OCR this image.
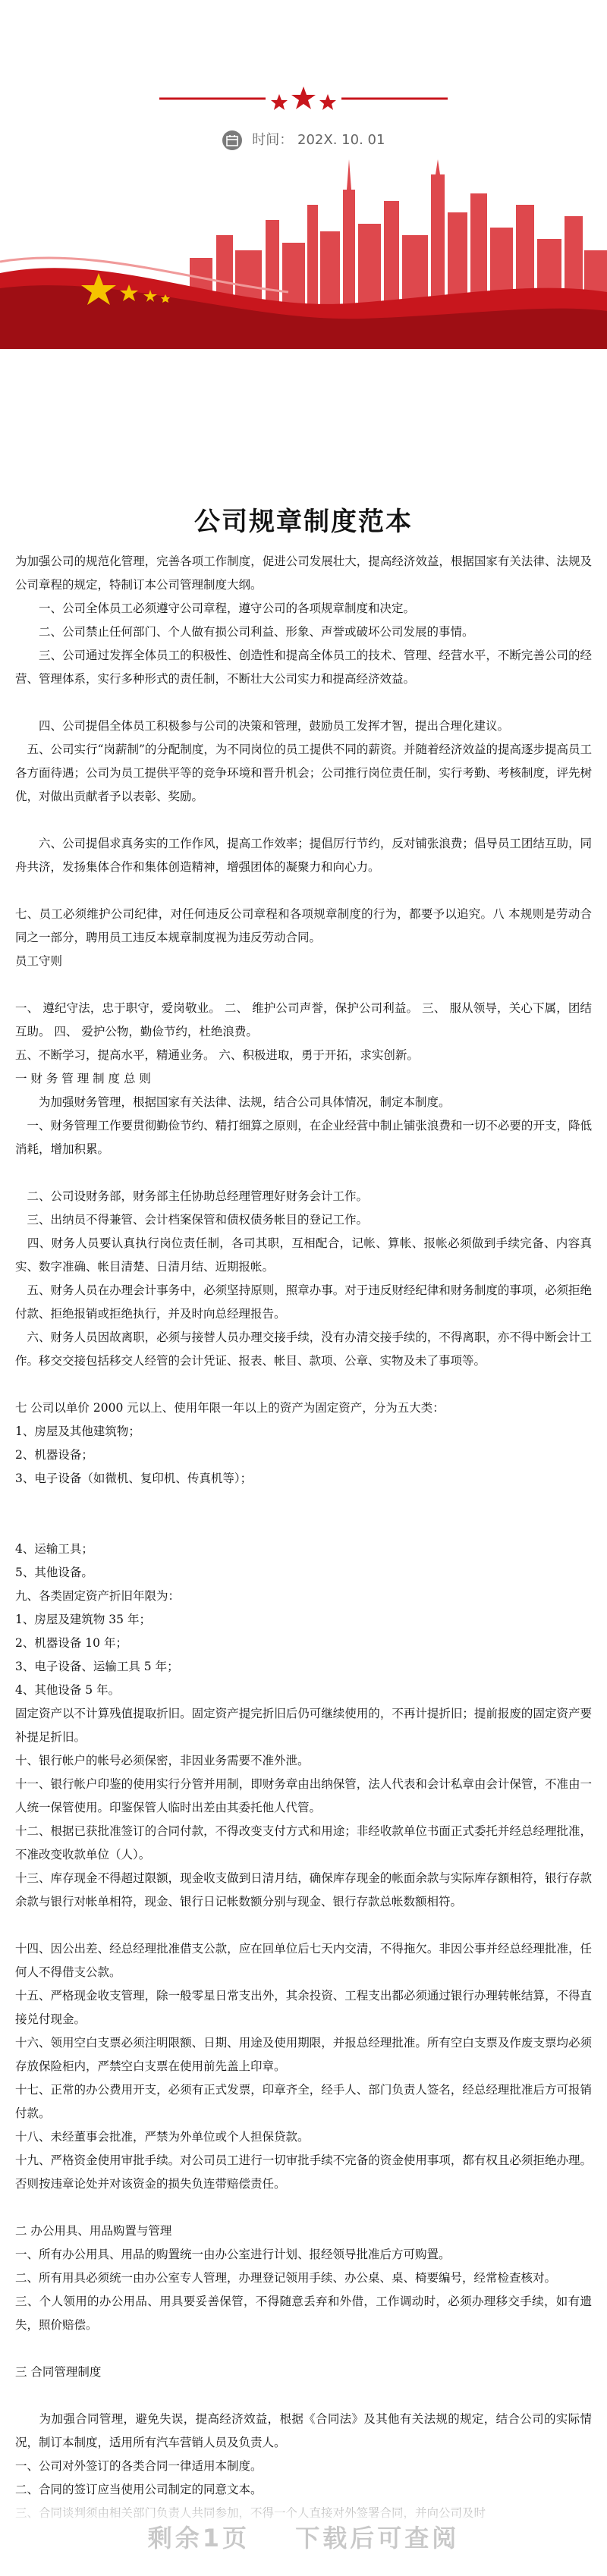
时间： 202X. 10. 01
公司规章制度范本

为加强公司的规范化管理，完善各项工作制度，促进公司发展壮大，提高经济效益，根据国家有关法律、法规及公司章程的规定，特制订本公司管理制度大纲。

　　一、公司全体员工必须遵守公司章程，遵守公司的各项规章制度和决定。

　　二、公司禁止任何部门、个人做有损公司利益、形象、声誉或破坏公司发展的事情。

　　三、公司通过发挥全体员工的积极性、创造性和提高全体员工的技术、管理、经营水平，不断完善公司的经营、管理体系，实行多种形式的责任制，不断壮大公司实力和提高经济效益。

　　四、公司提倡全体员工积极参与公司的决策和管理，鼓励员工发挥才智，提出合理化建议。

　五、公司实行“岗薪制”的分配制度，为不同岗位的员工提供不同的薪资。并随着经济效益的提高逐步提高员工各方面待遇；公司为员工提供平等的竞争环境和晋升机会；公司推行岗位责任制，实行考勤、考核制度，评先树优，对做出贡献者予以表彰、奖励。

　　六、公司提倡求真务实的工作作风，提高工作效率；提倡厉行节约，反对铺张浪费；倡导员工团结互助，同舟共济，发扬集体合作和集体创造精神，增强团体的凝聚力和向心力。

七、员工必须维护公司纪律，对任何违反公司章程和各项规章制度的行为，都要予以追究。八 本规则是劳动合同之一部分，聘用员工违反本规章制度视为违反劳动合同。

员工守则

一、 遵纪守法，忠于职守，爱岗敬业。 二、 维护公司声誉，保护公司利益。 三、 服从领导，关心下属，团结互助。 四、 爱护公物，勤俭节约，杜绝浪费。

五、不断学习，提高水平，精通业务。 六、积极进取，勇于开拓，求实创新。

一 财 务 管 理 制 度 总 则

　　为加强财务管理，根据国家有关法律、法规，结合公司具体情况，制定本制度。

　一、财务管理工作要贯彻勤俭节约、精打细算之原则，在企业经营中制止铺张浪费和一切不必要的开支，降低消耗，增加积累。

　二、公司设财务部，财务部主任协助总经理管理好财务会计工作。

　三、出纳员不得兼管、会计档案保管和债权债务帐目的登记工作。

　四、财务人员要认真执行岗位责任制，各司其职，互相配合，记帐、算帐、报帐必须做到手续完备、内容真实、数字准确、帐目清楚、日清月结、近期报帐。

　五、财务人员在办理会计事务中，必须坚持原则，照章办事。对于违反财经纪律和财务制度的事项，必须拒绝付款、拒绝报销或拒绝执行，并及时向总经理报告。

　六、财务人员因故离职，必须与接替人员办理交接手续，没有办清交接手续的，不得离职，亦不得中断会计工作。移交交接包括移交人经管的会计凭证、报表、帐目、款项、公章、实物及未了事项等。

七 公司以单价 2000 元以上、使用年限一年以上的资产为固定资产，分为五大类：

1、房屋及其他建筑物；

2、机器设备；

3、电子设备（如微机、复印机、传真机等）；

4、运输工具；

5、其他设备。

九、各类固定资产折旧年限为：

1、房屋及建筑物 35 年；

2、机器设备 10 年；

3、电子设备、运输工具 5 年；

4、其他设备 5 年。

固定资产以不计算残值提取折旧。固定资产提完折旧后仍可继续使用的，不再计提折旧；提前报废的固定资产要补提足折旧。

十、银行帐户的帐号必须保密，非因业务需要不准外泄。

十一、银行帐户印鉴的使用实行分管并用制，即财务章由出纳保管，法人代表和会计私章由会计保管，不准由一人统一保管使用。印鉴保管人临时出差由其委托他人代管。

十二、根据已获批准签订的合同付款，不得改变支付方式和用途；非经收款单位书面正式委托并经总经理批准，不准改变收款单位（人）。

十三、库存现金不得超过限额，现金收支做到日清月结，确保库存现金的帐面余款与实际库存额相符，银行存款余款与银行对帐单相符，现金、银行日记帐数额分别与现金、银行存款总帐数额相符。

十四、因公出差、经总经理批准借支公款，应在回单位后七天内交清，不得拖欠。非因公事并经总经理批准，任何人不得借支公款。

十五、严格现金收支管理，除一般零星日常支出外，其余投资、工程支出都必须通过银行办理转帐结算，不得直接兑付现金。

十六、领用空白支票必须注明限额、日期、用途及使用期限，并报总经理批准。所有空白支票及作废支票均必须存放保险柜内，严禁空白支票在使用前先盖上印章。

十七、正常的办公费用开支，必须有正式发票，印章齐全，经手人、部门负责人签名，经总经理批准后方可报销付款。

十八、未经董事会批准，严禁为外单位或个人担保贷款。

十九、严格资金使用审批手续。对公司员工进行一切审批手续不完备的资金使用事项，都有权且必须拒绝办理。否则按违章论处并对该资金的损失负连带赔偿责任。

二 办公用具、用品购置与管理

一、所有办公用具、用品的购置统一由办公室进行计划、报经领导批准后方可购置。

二、所有用具必须统一由办公室专人管理，办理登记领用手续、办公桌、桌、椅要编号，经常检查核对。

三、个人领用的办公用品、用具要妥善保管，不得随意丢弃和外借，工作调动时，必须办理移交手续，如有遗失，照价赔偿。

三 合同管理制度

　　为加强合同管理，避免失误，提高经济效益，根据《合同法》及其他有关法规的规定，结合公司的实际情况，制订本制度，适用所有汽车营销人员及负责人。

一、公司对外签订的各类合同一律适用本制度。

二、合同的签订应当使用公司制定的同意文本。

剩余1页 下载后可查阅
